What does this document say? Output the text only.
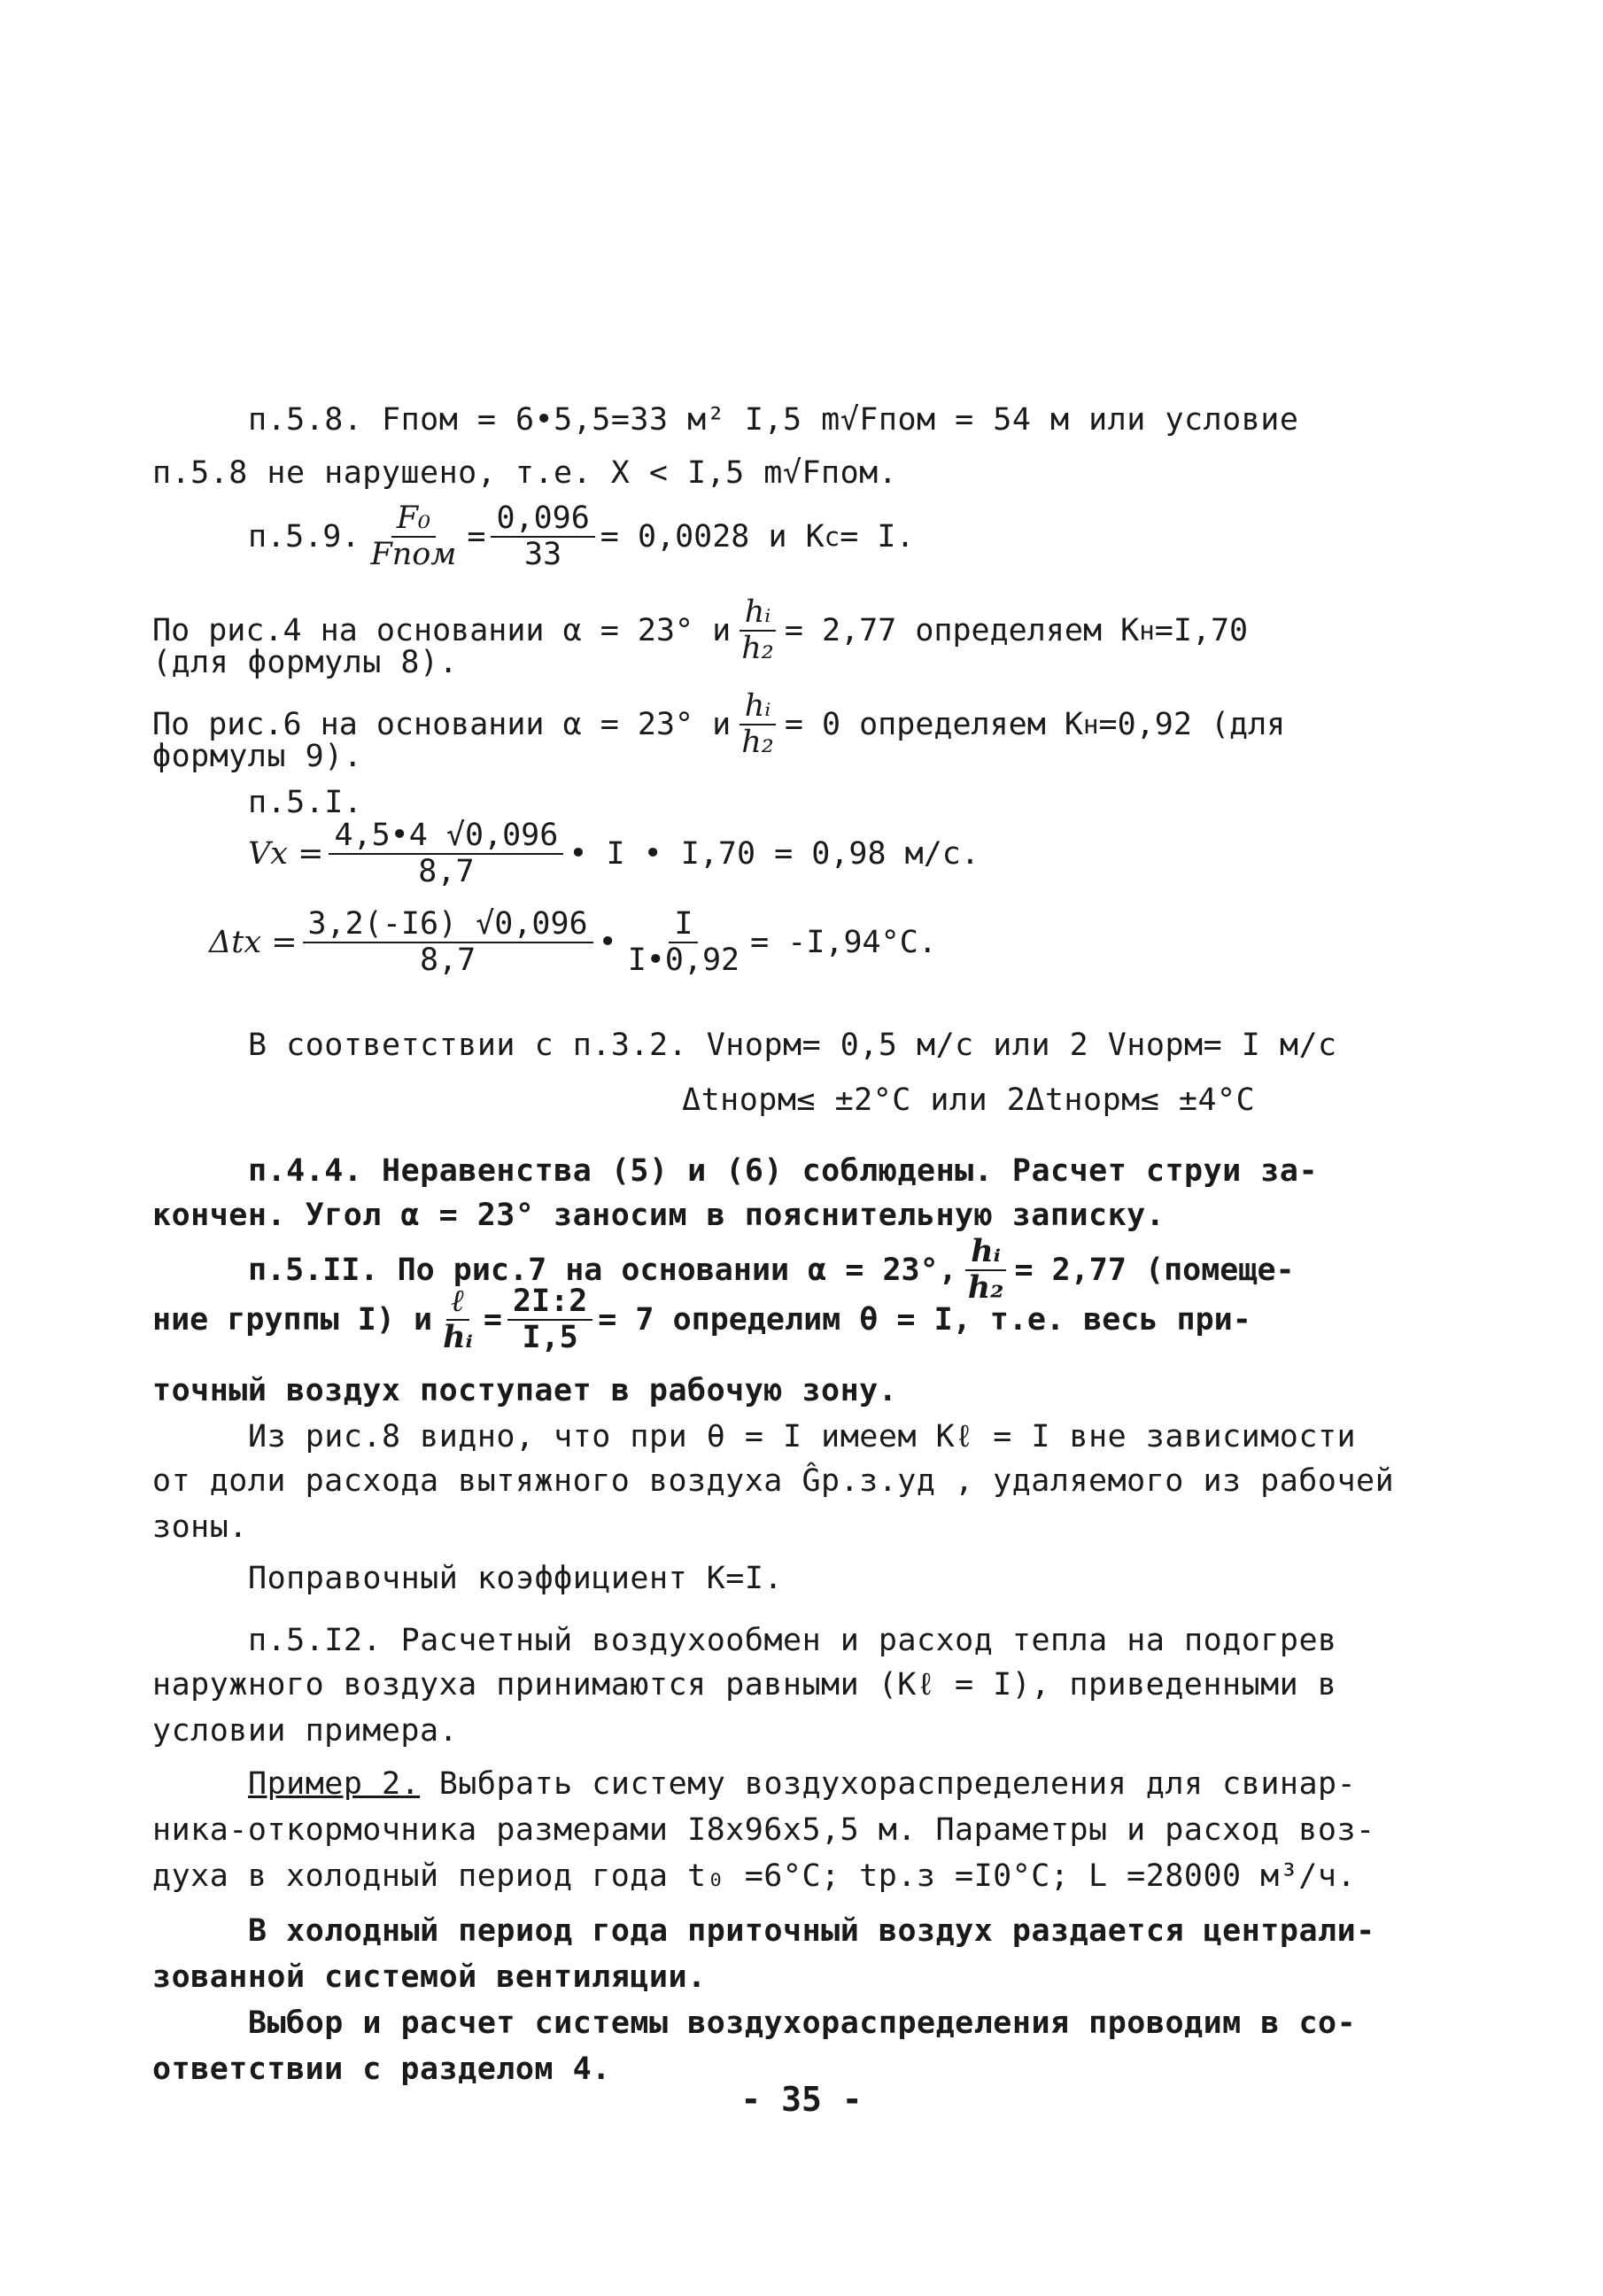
п.5.8. Fпом = 6•5,5=33 м² I,5 m√Fпом = 54 м или условие
п.5.8 не нарушено, т.е. X < I,5 m√Fпом.
п.5.9. $\frac{\text{F₀}}{\text{Fпом}} = \frac{0,096}{33} = 0,0028$ и K c = I.
По рис.4 на основании α = 23° и $\frac{\text{hᵢ}}{\text{h₂}} = 2,77$ определяем K н =I,70
(для формулы 8).
По рис.6 на основании α = 23° и $\frac{\text{hᵢ}}{\text{h₂}} = 0$ определяем K н =0,92 (для
формулы 9).
п.5.I.
$Vx = \frac{4,5•4 √0,096}{8,7}$ • I • I,70 = 0,98 м/с.
$\Delta tx = \frac{3,2(-I6) √0,096}{8,7}$ • $\frac{I}{I•0,92} = -I,94^\circ C$.
В соответствии с п.3.2. Vнорм= 0,5 м/с или 2 Vнорм= I м/с
Δtнорм≤ ±2°C или 2Δtнорм≤ ±4°C
п.4.4. Неравенства (5) и (6) соблюдены. Расчет струи за-
кончен. Угол α = 23° заносим в пояснительную записку.
п.5.II. По рис.7 на основании α = 23°, $\frac{\text{hᵢ}}{\text{h₂}} = 2,77$ (помеще-
ние группы I) и $\frac{\text{ℓ}}{\text{hᵢ}} = \frac{2I:2}{I,5} = 7$ определим θ = I, т.е. весь при-
точный воздух поступает в рабочую зону.
Из рис.8 видно, что при θ = I имеем Kℓ = I вне зависимости
от доли расхода вытяжного воздуха Ĝр.з.уд , удаляемого из рабочей
зоны.
Поправочный коэффициент K=I.
п.5.I2. Расчетный воздухообмен и расход тепла на подогрев
наружного воздуха принимаются равными (Kℓ = I), приведенными в
условии примера.
Пример 2. Выбрать систему воздухораспределения для свинар-
ника-откормочника размерами I8x96x5,5 м. Параметры и расход воз-
духа в холодный период года t₀ =6°C; tр.з =I0°C; L =28000 м³/ч.
В холодный период года приточный воздух раздается централи-
зованной системой вентиляции.
Выбор и расчет системы воздухораспределения проводим в со-
ответствии с разделом 4.
- 35 -
